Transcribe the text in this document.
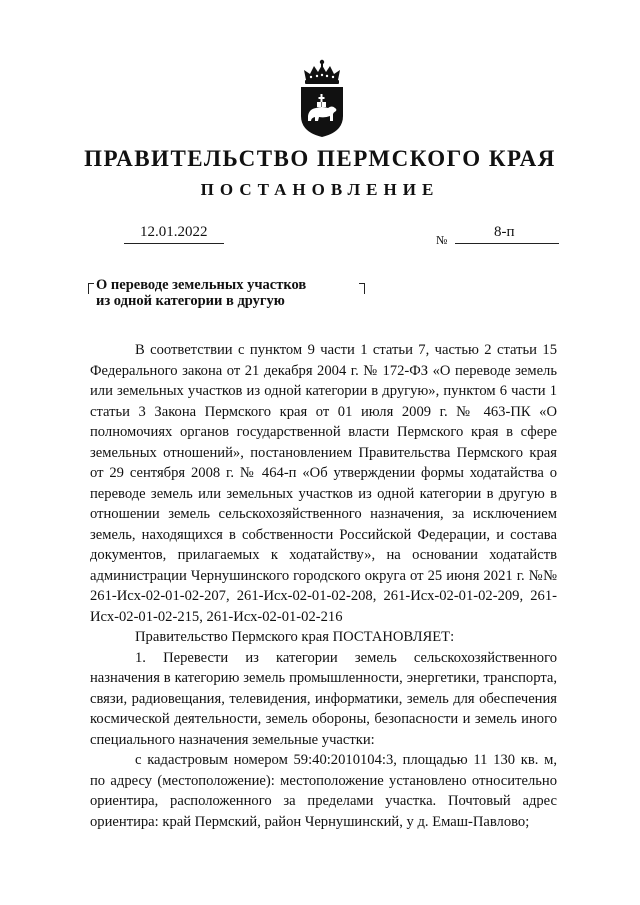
ПРАВИТЕЛЬСТВО ПЕРМСКОГО КРАЯ
ПОСТАНОВЛЕНИЕ
12.01.2022	№	8-п
О переводе земельных участков
из одной категории в другую

В соответствии с пунктом 9 части 1 статьи 7, частью 2 статьи 15 Федерального закона от 21 декабря 2004 г. № 172-ФЗ «О переводе земель или земельных участков из одной категории в другую», пунктом 6 части 1 статьи 3 Закона Пермского края от 01 июля 2009 г. № 463-ПК «О полномочиях органов государственной власти Пермского края в сфере земельных отношений», постановлением Правительства Пермского края от 29 сентября 2008 г. № 464-п «Об утверждении формы ходатайства о переводе земель или земельных участков из одной категории в другую в отношении земель сельскохозяйственного назначения, за исключением земель, находящихся в собственности Российской Федерации, и состава документов, прилагаемых к ходатайству», на основании ходатайств администрации Чернушинского городского округа от 25 июня 2021 г. №№ 261-Исх-02-01-02-207, 261-Исх-02-01-02-208, 261-Исх-02-01-02-209, 261-Исх-02-01-02-215, 261-Исх-02-01-02-216

Правительство Пермского края ПОСТАНОВЛЯЕТ:

1. Перевести из категории земель сельскохозяйственного назначения в категорию земель промышленности, энергетики, транспорта, связи, радиовещания, телевидения, информатики, земель для обеспечения космической деятельности, земель обороны, безопасности и земель иного специального назначения земельные участки:

с кадастровым номером 59:40:2010104:3, площадью 11 130 кв. м, по адресу (местоположение): местоположение установлено относительно ориентира, расположенного за пределами участка. Почтовый адрес ориентира: край Пермский, район Чернушинский, у д. Емаш-Павлово;
